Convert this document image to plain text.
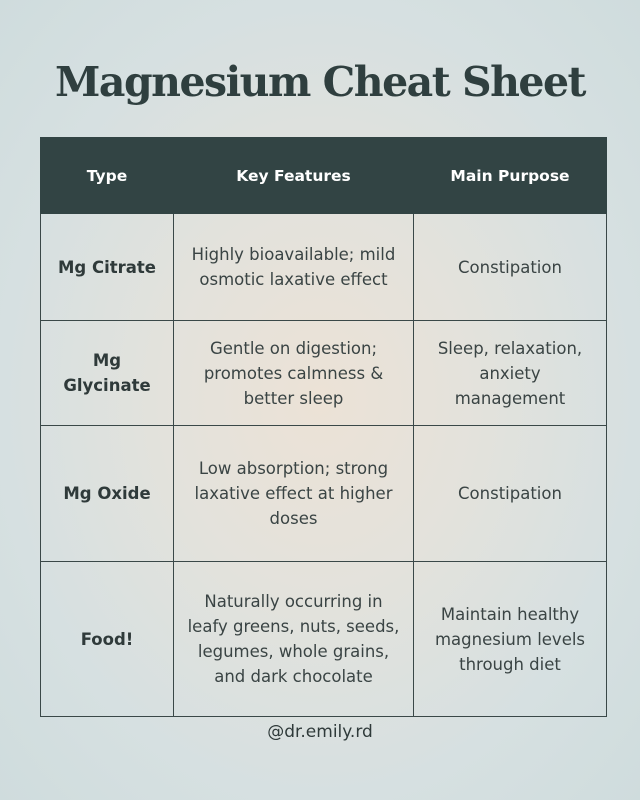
Magnesium Cheat Sheet
Type	Key Features	Main Purpose
Mg Citrate	Highly bioavailable; mild osmotic laxative effect	Constipation
Mg Glycinate	Gentle on digestion; promotes calmness & better sleep	Sleep, relaxation, anxiety management
Mg Oxide	Low absorption; strong laxative effect at higher doses	Constipation
Food!	Naturally occurring in leafy greens, nuts, seeds, legumes, whole grains, and dark chocolate	Maintain healthy magnesium levels through diet
@dr.emily.rd
